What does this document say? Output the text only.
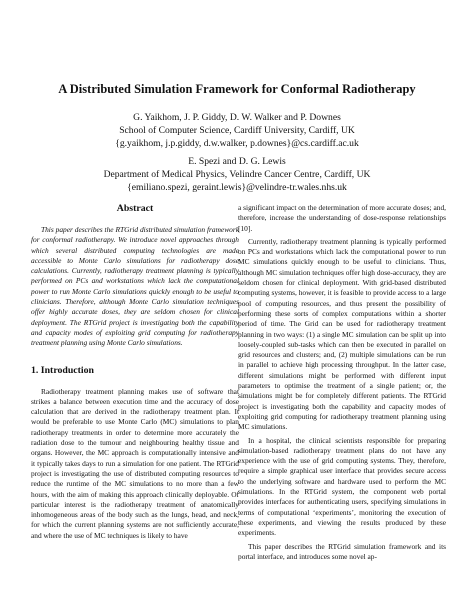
A Distributed Simulation Framework for Conformal Radiotherapy
G. Yaikhom, J. P. Giddy, D. W. Walker and P. Downes
School of Computer Science, Cardiff University, Cardiff, UK
{g.yaikhom, j.p.giddy, d.w.walker, p.downes}@cs.cardiff.ac.uk
E. Spezi and D. G. Lewis
Department of Medical Physics, Velindre Cancer Centre, Cardiff, UK
{emiliano.spezi, geraint.lewis}@velindre-tr.wales.nhs.uk
Abstract

This paper describes the RTGrid distributed simulation framework for conformal radiotherapy. We introduce novel approaches through which several distributed computing technologies are made accessible to Monte Carlo simulations for radiotherapy dose calculations. Currently, radiotherapy treatment planning is typically performed on PCs and workstations which lack the computational power to run Monte Carlo simulations quickly enough to be useful to clinicians. Therefore, although Monte Carlo simulation techniques offer highly accurate doses, they are seldom chosen for clinical deployment. The RTGrid project is investigating both the capability and capacity modes of exploiting grid computing for radiotherapy treatment planning using Monte Carlo simulations.

1. Introduction

Radiotherapy treatment planning makes use of software that strikes a balance between execution time and the accuracy of dose calculation that are derived in the radiotherapy treatment plan. It would be preferable to use Monte Carlo (MC) simulations to plan radiotherapy treatments in order to determine more accurately the radiation dose to the tumour and neighbouring healthy tissue and organs. However, the MC approach is computationally intensive and it typically takes days to run a simulation for one patient. The RTGrid project is investigating the use of distributed computing resources to reduce the runtime of the MC simulations to no more than a few hours, with the aim of making this approach clinically deployable. Of particular interest is the radiotherapy treatment of anatomically inhomogeneous areas of the body such as the lungs, head, and neck, for which the current planning systems are not sufficiently accurate, and where the use of MC techniques is likely to have

a significant impact on the determination of more accurate doses; and, therefore, increase the understanding of dose-response relationships [10].

Currently, radiotherapy treatment planning is typically performed on PCs and workstations which lack the computational power to run MC simulations quickly enough to be useful to clinicians. Thus, although MC simulation techniques offer high dose-accuracy, they are seldom chosen for clinical deployment. With grid-based distributed computing systems, however, it is feasible to provide access to a large pool of computing resources, and thus present the possibility of performing these sorts of complex computations within a shorter period of time. The Grid can be used for radiotherapy treatment planning in two ways: (1) a single MC simulation can be split up into loosely-coupled sub-tasks which can then be executed in parallel on grid resources and clusters; and, (2) multiple simulations can be run in parallel to achieve high processing throughput. In the latter case, different simulations might be performed with different input parameters to optimise the treatment of a single patient; or, the simulations might be for completely different patients. The RTGrid project is investigating both the capability and capacity modes of exploiting grid computing for radiotherapy treatment planning using MC simulations.

In a hospital, the clinical scientists responsible for preparing simulation-based radiotherapy treatment plans do not have any experience with the use of grid computing systems. They, therefore, require a simple graphical user interface that provides secure access to the underlying software and hardware used to perform the MC simulations. In the RTGrid system, the component web portal provides interfaces for authenticating users, specifying simulations in terms of computational ‘experiments’, monitoring the execution of these experiments, and viewing the results produced by these experiments.

This paper describes the RTGrid simulation framework and its portal interface, and introduces some novel ap-
